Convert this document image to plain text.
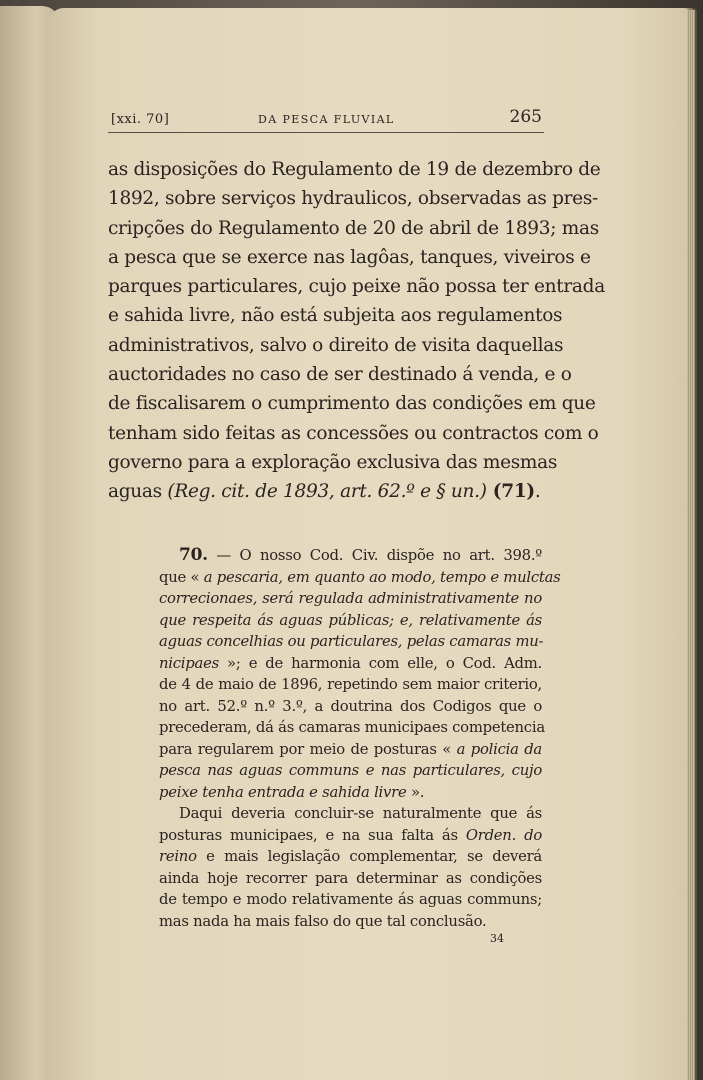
[xxi. 70]	DA PESCA FLUVIAL	265
as disposições do Regulamento de 19 de dezembro de
1892, sobre serviços hydraulicos, observadas as pres-
cripções do Regulamento de 20 de abril de 1893; mas
a pesca que se exerce nas lagôas, tanques, viveiros e
parques particulares, cujo peixe não possa ter entrada
e sahida livre, não está subjeita aos regulamentos
administrativos, salvo o direito de visita daquellas
auctoridades no caso de ser destinado á venda, e o
de fiscalisarem o cumprimento das condições em que
tenham sido feitas as concessões ou contractos com o
governo para a exploração exclusiva das mesmas
aguas (Reg. cit. de 1893, art. 62.º e § un.) (71).
70. — O nosso Cod. Civ. dispõe no art. 398.º
que « a pescaria, em quanto ao modo, tempo e mulctas
correcionaes, será regulada administrativamente no
que respeita ás aguas públicas; e, relativamente ás
aguas concelhias ou particulares, pelas camaras mu-
nicipaes »; e de harmonia com elle, o Cod. Adm.
de 4 de maio de 1896, repetindo sem maior criterio,
no art. 52.º n.º 3.º, a doutrina dos Codigos que o
precederam, dá ás camaras municipaes competencia
para regularem por meio de posturas « a policia da
pesca nas aguas communs e nas particulares, cujo
peixe tenha entrada e sahida livre ».
Daqui deveria concluir-se naturalmente que ás
posturas municipaes, e na sua falta ás Orden. do
reino e mais legislação complementar, se deverá
ainda hoje recorrer para determinar as condições
de tempo e modo relativamente ás aguas communs;
mas nada ha mais falso do que tal conclusão.
34
